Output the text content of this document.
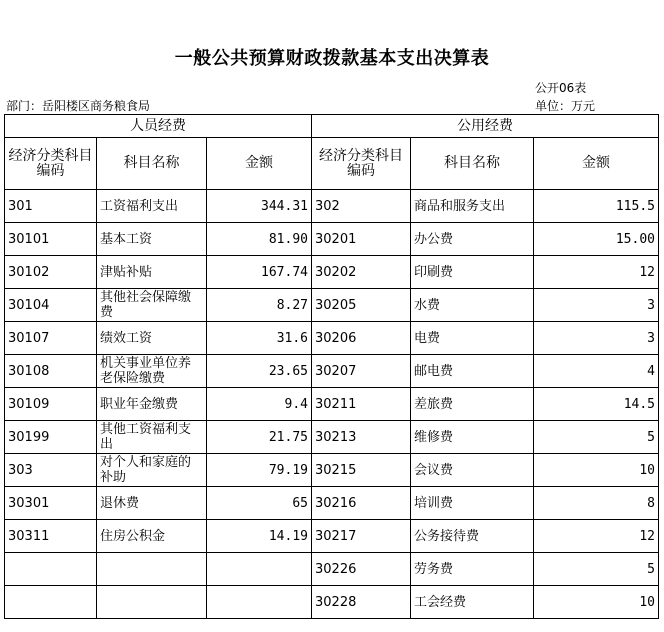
一般公共预算财政拨款基本支出决算表
公开06表
部门：岳阳楼区商务粮食局	单位：万元
人员经费			公用经费		
经济分类科目编码	科目名称	金额	经济分类科目编码	科目名称	金额
301	工资福利支出	344.31	302	商品和服务支出	115.5
30101	基本工资	81.90	30201	办公费	15.00
30102	津贴补贴	167.74	30202	印刷费	12
30104	其他社会保障缴费	8.27	30205	水费	3
30107	绩效工资	31.6	30206	电费	3
30108	机关事业单位养老保险缴费	23.65	30207	邮电费	4
30109	职业年金缴费	9.4	30211	差旅费	14.5
30199	其他工资福利支出	21.75	30213	维修费	5
303	对个人和家庭的补助	79.19	30215	会议费	10
30301	退休费	65	30216	培训费	8
30311	住房公积金	14.19	30217	公务接待费	12
			30226	劳务费	5
			30228	工会经费	10
